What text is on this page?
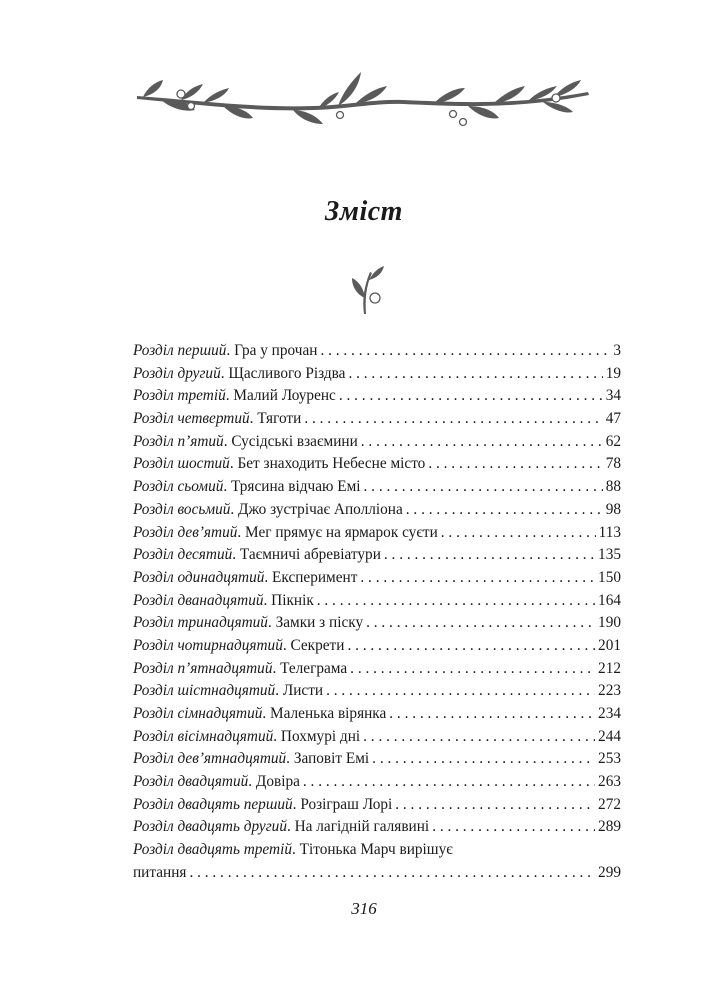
Зміст
Розділ перший . Гра у прочан . . .	3
Розділ другий . Щасливого Різдва . . .	19
Розділ третій . Малий Лоуренс . . .	34
Розділ четвертий . Тяготи . . .	47
Розділ п’ятий . Сусідські взаємини . . .	62
Розділ шостий . Бет знаходить Небесне місто . . .	78
Розділ сьомий . Трясина відчаю Емі . . .	88
Розділ восьмий . Джо зустрічає Аполліона . . .	98
Розділ дев’ятий . Мег прямує на ярмарок суєти . . .	113
Розділ десятий . Таємничі абревіатури . . .	135
Розділ одинадцятий . Експеримент . . .	150
Розділ дванадцятий . Пікнік . . .	164
Розділ тринадцятий . Замки з піску . . .	190
Розділ чотирнадцятий . Секрети . . .	201
Розділ п’ятнадцятий . Телеграма . . .	212
Розділ шістнадцятий . Листи . . .	223
Розділ сімнадцятий . Маленька вірянка . . .	234
Розділ вісімнадцятий . Похмурі дні . . .	244
Розділ дев’ятнадцятий . Заповіт Емі . . .	253
Розділ двадцятий . Довіра . . .	263
Розділ двадцять перший . Розіграш Лорі . . .	272
Розділ двадцять другий . На лагідній галявині . . .	289
Розділ двадцять третій. Тітонька Марч вирішує
питання . . .	299
316
